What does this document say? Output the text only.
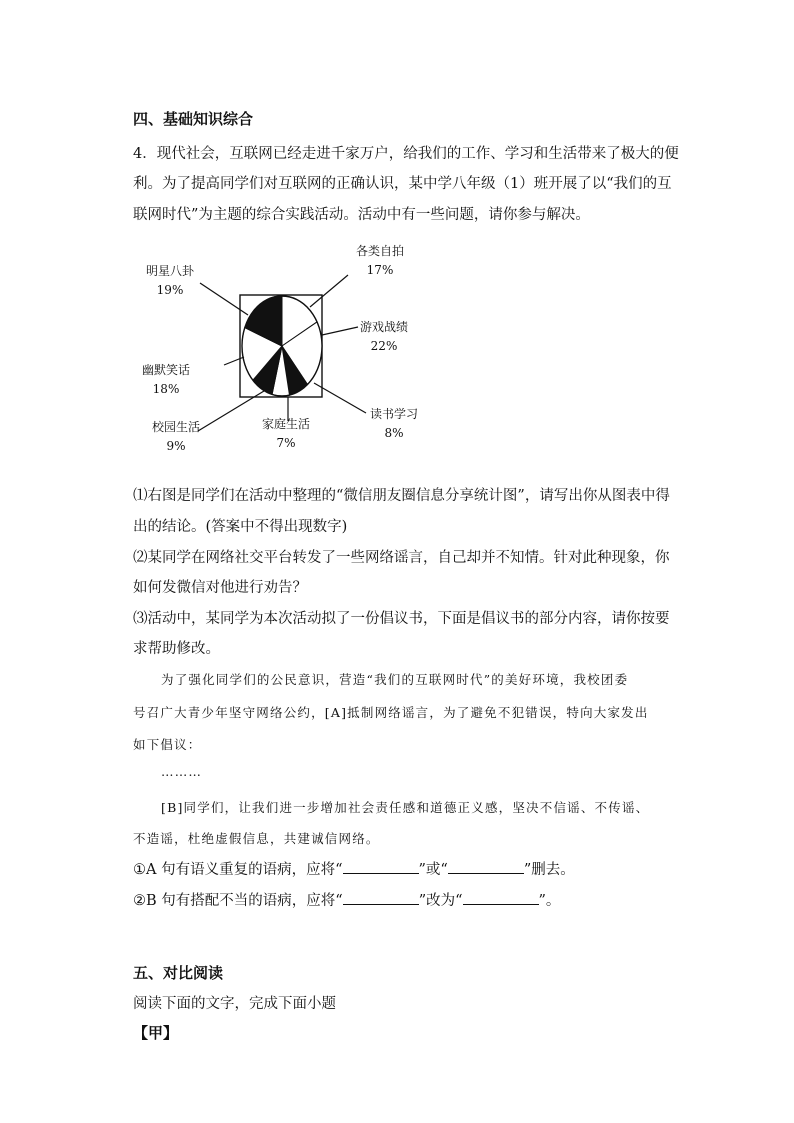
四、基础知识综合
4．现代社会，互联网已经走进千家万户，给我们的工作、学习和生活带来了极大的便
利。为了提高同学们对互联网的正确认识，某中学八年级（1）班开展了以“我们的互
联网时代”为主题的综合实践活动。活动中有一些问题，请你参与解决。
明星八卦
19%
各类自拍
17%
游戏战绩
22%
幽默笑话
18%
读书学习
8%
校园生活
9%
家庭生活
7%
⑴右图是同学们在活动中整理的“微信朋友圈信息分享统计图”，请写出你从图表中得
出的结论。(答案中不得出现数字)
⑵某同学在网络社交平台转发了一些网络谣言，自己却并不知情。针对此种现象，你
如何发微信对他进行劝告？
⑶活动中，某同学为本次活动拟了一份倡议书，下面是倡议书的部分内容，请你按要
求帮助修改。
为了强化同学们的公民意识，营造“我们的互联网时代”的美好环境，我校团委
号召广大青少年坚守网络公约，[A]抵制网络谣言，为了避免不犯错误，特向大家发出
如下倡议：
………
[B]同学们，让我们进一步增加社会责任感和道德正义感，坚决不信谣、不传谣、
不造谣，杜绝虚假信息，共建诚信网络。
①A 句有语义重复的语病，应将“	”或“	”删去。
②B 句有搭配不当的语病，应将“	”改为“	”。
五、对比阅读
阅读下面的文字，完成下面小题
【甲】
